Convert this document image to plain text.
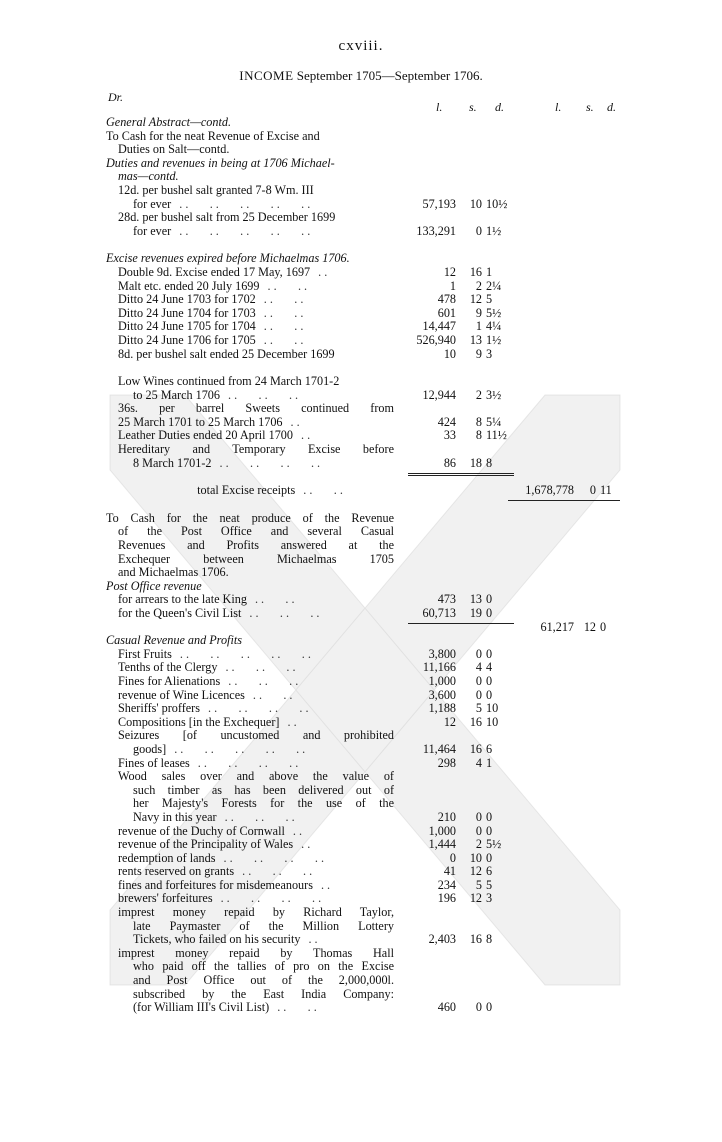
cxviii.
INCOME September 1705—September 1706.
Dr.
l. s. d.	l. s. d.
General Abstract—contd.
To Cash for the neat Revenue of Excise and
Duties on Salt—contd.
Duties and revenues in being at 1706 Michael-
mas—contd.
12d. per bushel salt granted 7-8 Wm. III
for ever . .       . .       . .       . .       . .	57,193	10 10½
28d. per bushel salt from 25 December 1699
for ever . .       . .       . .       . .       . .	133,291	0 1½
Excise revenues expired before Michaelmas 1706.
Double 9d. Excise ended 17 May, 1697 . .	12	16 1
Malt etc. ended 20 July 1699 . .       . .	1	2 2¼
Ditto 24 June 1703 for 1702 . .       . .	478	12 5
Ditto 24 June 1704 for 1703 . .       . .	601	9 5½
Ditto 24 June 1705 for 1704 . .       . .	14,447	1 4¼
Ditto 24 June 1706 for 1705 . .       . .	526,940	13 1½
8d. per bushel salt ended 25 December 1699	10	9 3
Low Wines continued from 24 March 1701-2
to 25 March 1706 . .       . .       . .	12,944	2 3½
36s. per barrel Sweets continued from
25 March 1701 to 25 March 1706 . .	424	8 5¼
Leather Duties ended 20 April 1700 . .	33	8 11½
Hereditary and Temporary Excise before
8 March 1701-2 . .       . .       . .       . .	86	18 8
total Excise receipts . .       . .	1,678,778	0 11
To Cash for the neat produce of the Revenue
of the Post Office and several Casual
Revenues and Profits answered at the
Exchequer between Michaelmas 1705
and Michaelmas 1706.
Post Office revenue
for arrears to the late King . .       . .	473	13 0
for the Queen's Civil List . .       . .       . .	60,713	19 0
61,217 12 0
Casual Revenue and Profits
First Fruits . .       . .       . .       . .       . .	3,800	0 0
Tenths of the Clergy . .       . .       . .	11,166	4 4
Fines for Alienations . .       . .       . .	1,000	0 0
revenue of Wine Licences . .       . .	3,600	0 0
Sheriffs' proffers . .       . .       . .       . .	1,188	5 10
Compositions [in the Exchequer] . .	12	16 10
Seizures [of uncustomed and prohibited
goods] . .       . .       . .       . .       . .	11,464	16 6
Fines of leases . .       . .       . .       . .	298	4 1
Wood sales over and above the value of
such timber as has been delivered out of
her Majesty's Forests for the use of the
Navy in this year . .       . .       . .	210	0 0
revenue of the Duchy of Cornwall . .	1,000	0 0
revenue of the Principality of Wales . .	1,444	2 5½
redemption of lands . .       . .       . .       . .	0	10 0
rents reserved on grants . .       . .       . .	41	12 6
fines and forfeitures for misdemeanours . .	234	5 5
brewers' forfeitures . .       . .       . .       . .	196	12 3
imprest money repaid by Richard Taylor,
late Paymaster of the Million Lottery
Tickets, who failed on his security . .	2,403	16 8
imprest money repaid by Thomas Hall
who paid off the tallies of pro on the Excise
and Post Office out of the 2,000,000l.
subscribed by the East India Company:
(for William III's Civil List) . .       . .	460	0 0
